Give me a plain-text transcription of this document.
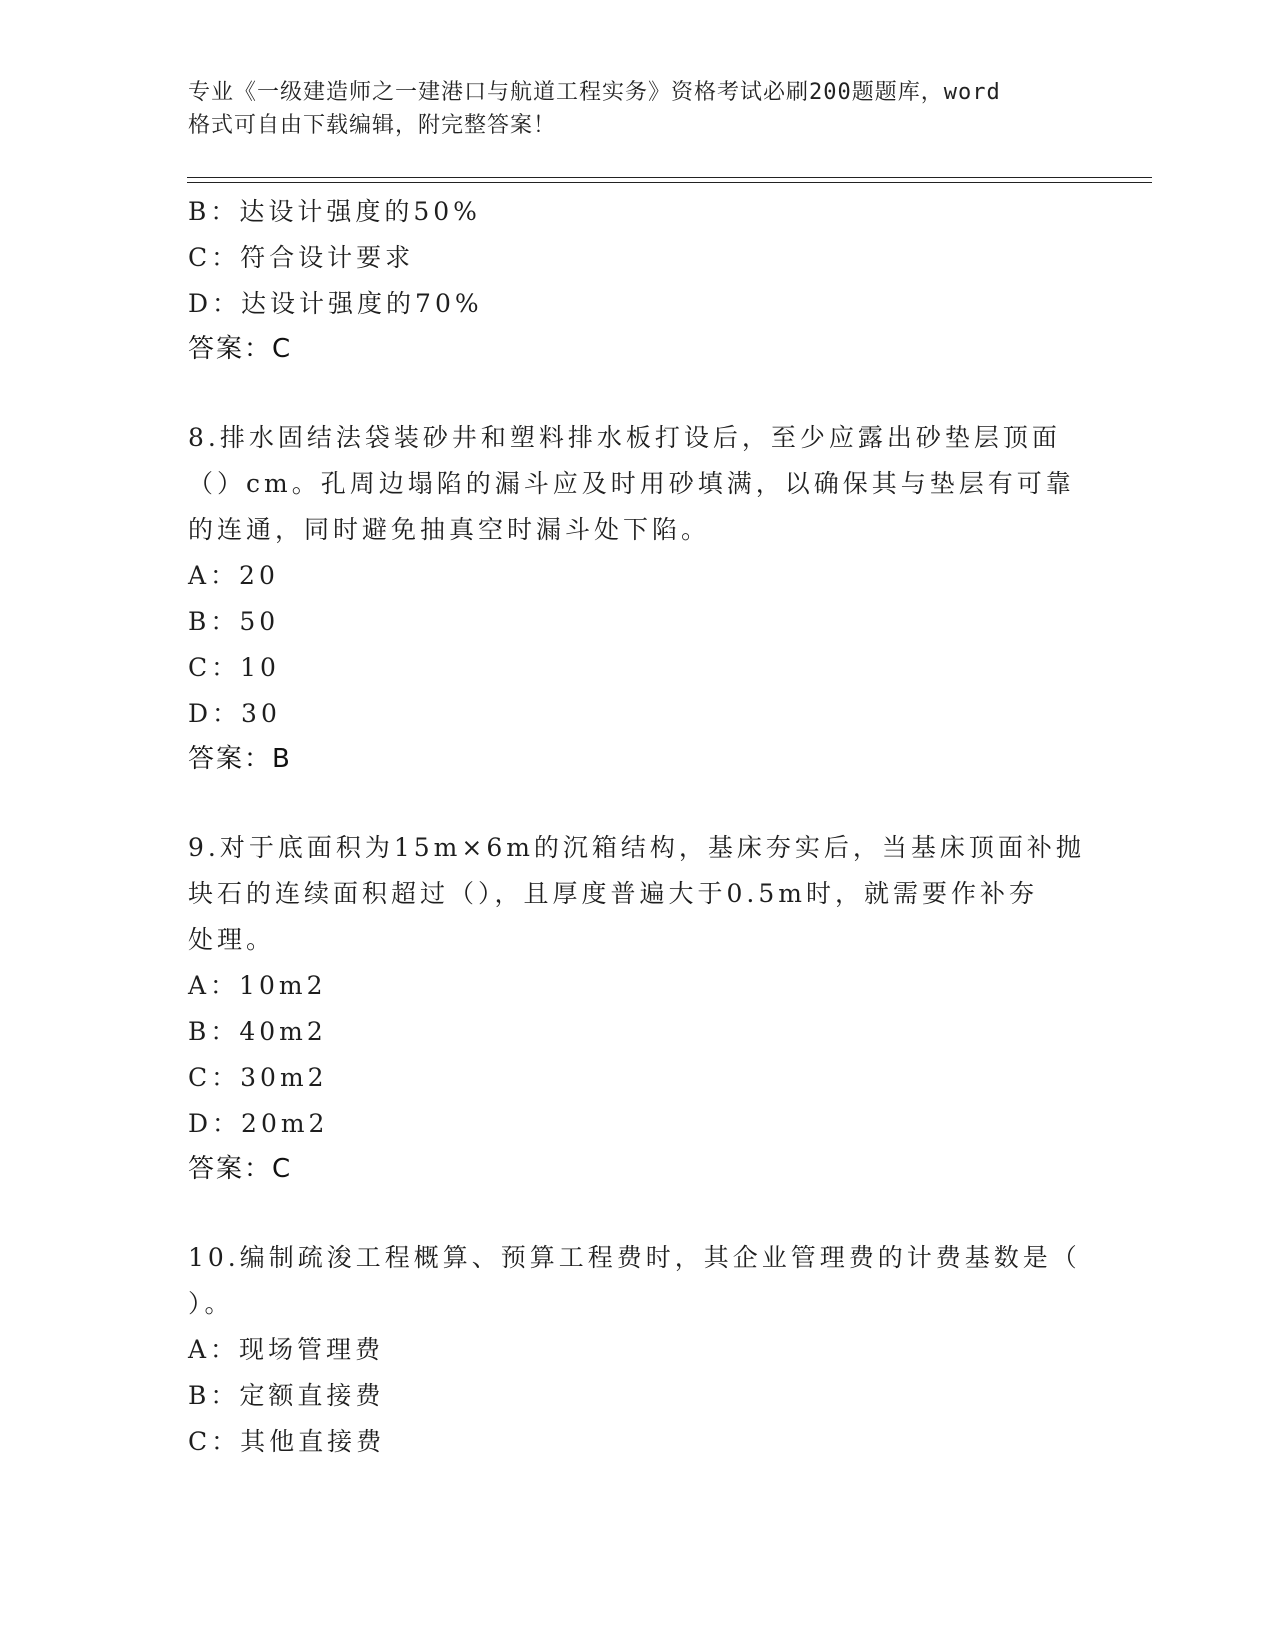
专业《一级建造师之一建港口与航道工程实务》资格考试必刷200题题库，word
格式可自由下载编辑，附完整答案！
B：达设计强度的50%
C：符合设计要求
D：达设计强度的70%
答案：C
8.排水固结法袋装砂井和塑料排水板打设后，至少应露出砂垫层顶面
（）cm。孔周边塌陷的漏斗应及时用砂填满，以确保其与垫层有可靠
的连通，同时避免抽真空时漏斗处下陷。
A：20
B：50
C：10
D：30
答案：B
9.对于底面积为15m×6m的沉箱结构，基床夯实后，当基床顶面补抛
块石的连续面积超过（），且厚度普遍大于0.5m时，就需要作补夯
处理。
A：10m2
B：40m2
C：30m2
D：20m2
答案：C
10.编制疏浚工程概算、预算工程费时，其企业管理费的计费基数是（
）。
A：现场管理费
B：定额直接费
C：其他直接费
